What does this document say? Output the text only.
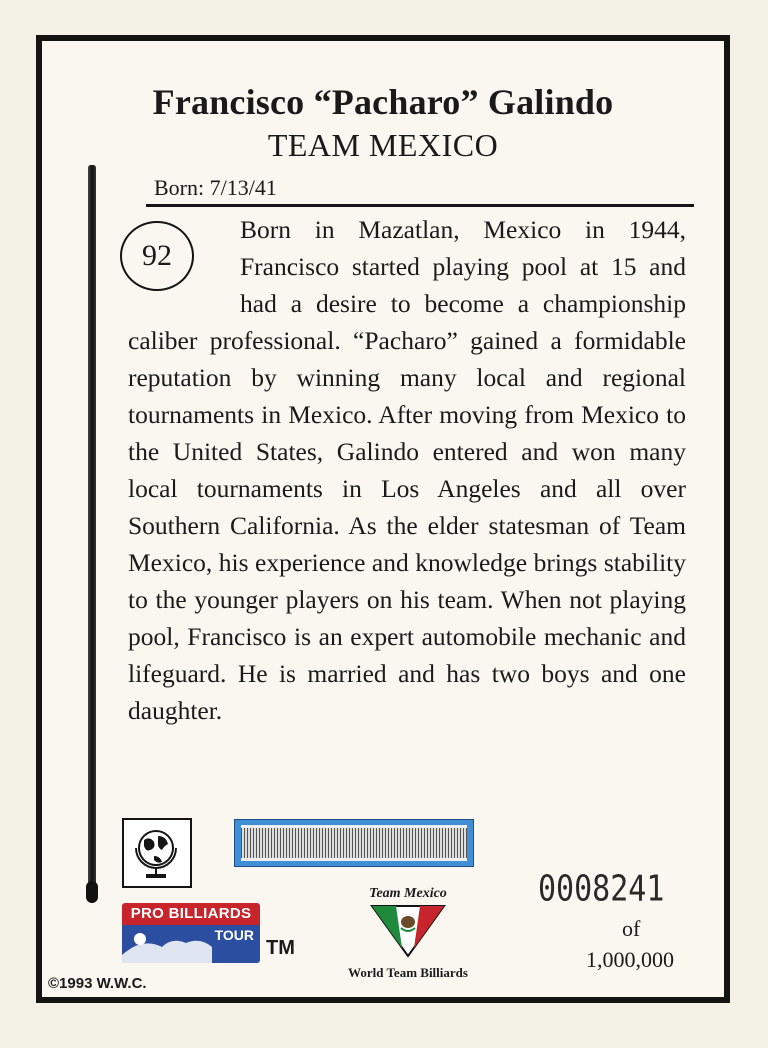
Francisco “Pacharo” Galindo
TEAM MEXICO
Born: 7/13/41
92
Born in Mazatlan, Mexico in 1944, Francisco started playing pool at 15 and had a desire to become a championship caliber professional. “Pacharo” gained a formidable reputation by winning many local and regional tournaments in Mexico. After moving from Mexico to the United States, Galindo entered and won many local tournaments in Los Angeles and all over Southern California. As the elder statesman of Team Mexico, his experience and knowledge brings stability to the younger players on his team. When not playing pool, Francisco is an expert automobile mechanic and lifeguard. He is married and has two boys and one daughter.
0008241
of
1,000,000
PRO BILLIARDS
TOUR
TM
©1993 W.W.C.
Team Mexico
World Team Billiards
